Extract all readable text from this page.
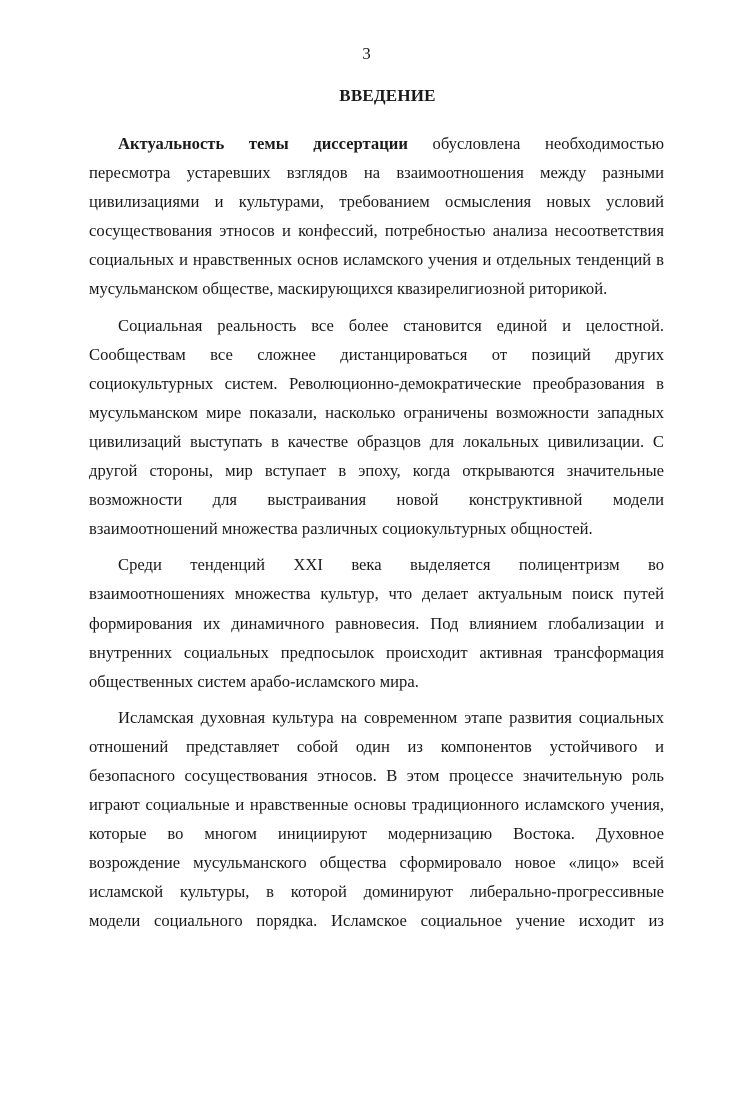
3
ВВЕДЕНИЕ
Актуальность темы диссертации обусловлена необходимостью
пересмотра устаревших взглядов на взаимоотношения между разными
цивилизациями и культурами, требованием осмысления новых условий
сосуществования этносов и конфессий, потребностью анализа несоответствия
социальных и нравственных основ исламского учения и отдельных тенденций в
мусульманском обществе, маскирующихся квазирелигиозной риторикой.
Социальная реальность все более становится единой и целостной.
Сообществам все сложнее дистанцироваться от позиций других
социокультурных систем. Революционно-демократические преобразования в
мусульманском мире показали, насколько ограничены возможности западных
цивилизаций выступать в качестве образцов для локальных цивилизации. С
другой стороны, мир вступает в эпоху, когда открываются значительные
возможности для выстраивания новой конструктивной модели
взаимоотношений множества различных социокультурных общностей.
Среди тенденций XXI века выделяется полицентризм во
взаимоотношениях множества культур, что делает актуальным поиск путей
формирования их динамичного равновесия. Под влиянием глобализации и
внутренних социальных предпосылок происходит активная трансформация
общественных систем арабо-исламского мира.
Исламская духовная культура на современном этапе развития социальных
отношений представляет собой один из компонентов устойчивого и
безопасного сосуществования этносов. В этом процессе значительную роль
играют социальные и нравственные основы традиционного исламского учения,
которые во многом инициируют модернизацию Востока. Духовное
возрождение мусульманского общества сформировало новое «лицо» всей
исламской культуры, в которой доминируют либерально-прогрессивные
модели социального порядка. Исламское социальное учение исходит из
